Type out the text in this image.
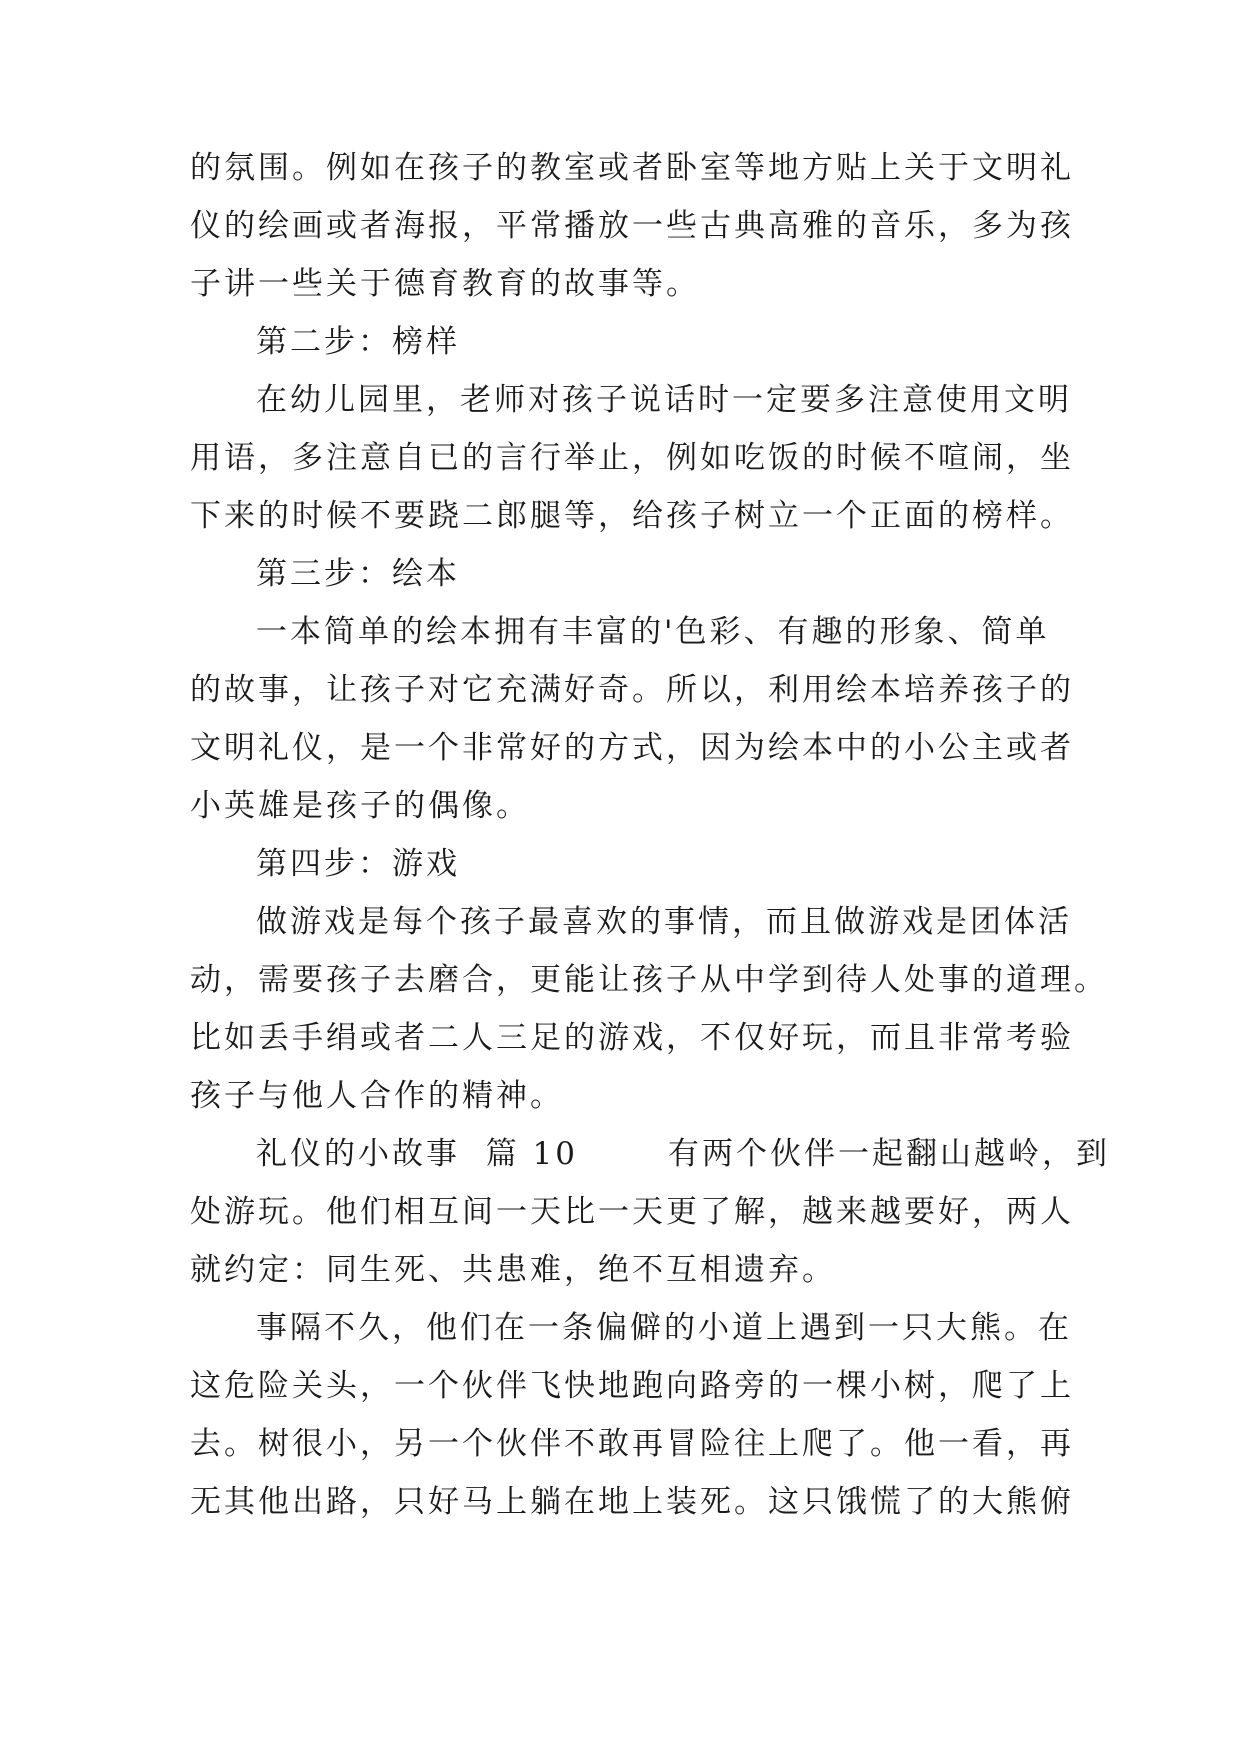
的氛围。例如在孩子的教室或者卧室等地方贴上关于文明礼
仪的绘画或者海报，平常播放一些古典高雅的音乐，多为孩
子讲一些关于德育教育的故事等。
第二步：榜样
在幼儿园里，老师对孩子说话时一定要多注意使用文明
用语，多注意自已的言行举止，例如吃饭的时候不喧闹，坐
下来的时候不要跷二郎腿等，给孩子树立一个正面的榜样。
第三步：绘本
一本简单的绘本拥有丰富的'色彩、有趣的形象、简单
的故事，让孩子对它充满好奇。所以，利用绘本培养孩子的
文明礼仪，是一个非常好的方式，因为绘本中的小公主或者
小英雄是孩子的偶像。
第四步：游戏
做游戏是每个孩子最喜欢的事情，而且做游戏是团体活
动，需要孩子去磨合，更能让孩子从中学到待人处事的道理。
比如丢手绢或者二人三足的游戏，不仅好玩，而且非常考验
孩子与他人合作的精神。
礼仪的小故事  篇 10       有两个伙伴一起翻山越岭，到
处游玩。他们相互间一天比一天更了解，越来越要好，两人
就约定：同生死、共患难，绝不互相遗弃。
事隔不久，他们在一条偏僻的小道上遇到一只大熊。在
这危险关头，一个伙伴飞快地跑向路旁的一棵小树，爬了上
去。树很小，另一个伙伴不敢再冒险往上爬了。他一看，再
无其他出路，只好马上躺在地上装死。这只饿慌了的大熊俯
